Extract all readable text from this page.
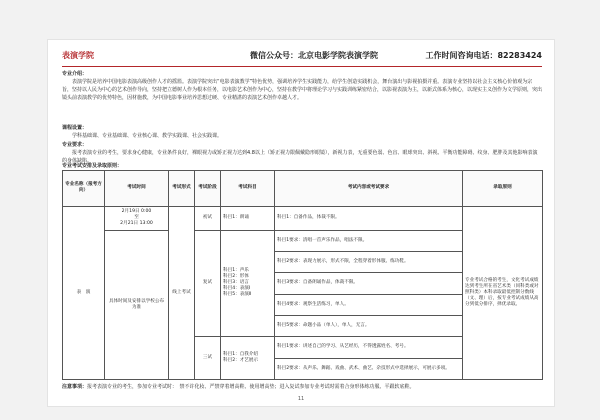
表演学院	微信公众号：北京电影学院表演学院	工作时间咨询电话：82283424
专业介绍：
表演学院是培养中国电影表演高级创作人才的摇篮。表演学院突出“电影表演教学”特色优势，强调培养学生实践能力，给学生创造实践机会，舞台演出与影视拍摄并重。表演专业坚持以社会主义核心价值观为宗旨，坚持以人民为中心的艺术创作导向，坚持把立德树人作为根本任务，以电影艺术创作为中心，坚持在教学中将理论学习与实践训练紧密结合，以影视表演为主，以新式体系为核心，以现实主义创作为文学原则，突出镜头前表演教学的优势特色，因材施教，为中国电影事业培养思想过硬、专业精湛的表演艺术创作卓越人才。
课程设置：
学科基础课、专业基础课、专业核心课、教学实践课、社会实践课。
专业要求：
报考表演专业的考生，要求身心健康，专业条件良好，裸眼视力或矫正视力达到4.8以上（矫正视力限佩戴隐形眼镜），新视力表，无重要色弱、色盲、眼球突出、斜视、平衡功能障碍、纹身、肥胖及其他影响表演的身体缺陷。
专业考试安排及录取原则：
专业名称（报考方向）	考试时间	考试形式	考试阶段	考试科目	考试内容或考试要求	录取原则
表　演	2月19日 0:00
至
2月21日 13:00	线上考试	初试	科目1：朗诵	科目1：自备作品，体裁不限。	专业考试合格的考生，文化考试成绩达到考生所在省艺术类（同科类或对照科类）本科录取最低控制分数线（文、理）后，按专业考试成绩从高分到低分排序，择优录取。
	具体时间及安排以学校公布为准		复试	科目1：声乐
科目2：形体
科目3：语言
科目4：表演Ⅰ
科目5：表演Ⅱ	科目1要求：清唱一首声乐作品，唱法不限。	
					科目2要求：表现力展示，形式不限，全程穿着形体服、练功鞋。	
					科目3要求：自备朗诵作品，体裁不限。	
					科目4要求：观察生活练习，单人。	
					科目5要求：命题小品（单人），单人，无言。	
			三试	科目1：自我介绍
科目2：才艺展示	科目1要求：讲述自己的学习、从艺经历，不得透露姓名、考号。	
					科目2要求：从声乐、舞蹈、戏曲、武术、曲艺、杂技形式中选择展示，可展示多项。	
注意事项：报考表演专业的考生，参加专业考试时：　禁不许化妆、严禁穿着增高鞋、使用增高垫；进入复试参加专业考试时需着合身形体练功服、平跟软底鞋。
11
